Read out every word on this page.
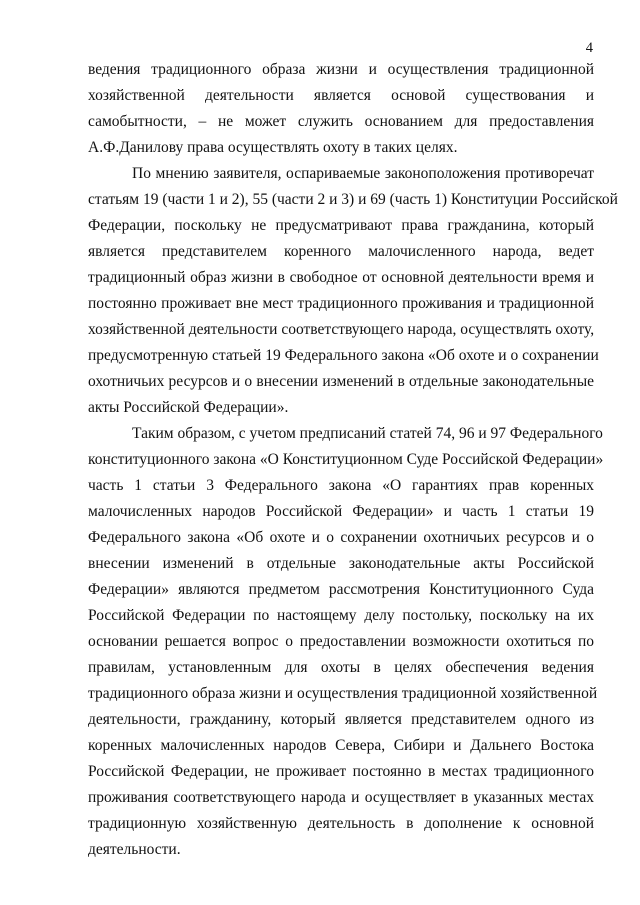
4
ведения традиционного образа жизни и осуществления традиционной
хозяйственной деятельности является основой существования и
самобытности, – не может служить основанием для предоставления
А.Ф.Данилову права осуществлять охоту в таких целях.
По мнению заявителя, оспариваемые законоположения противоречат
статьям 19 (части 1 и 2), 55 (части 2 и 3) и 69 (часть 1) Конституции Российской
Федерации, поскольку не предусматривают права гражданина, который
является представителем коренного малочисленного народа, ведет
традиционный образ жизни в свободное от основной деятельности время и
постоянно проживает вне мест традиционного проживания и традиционной
хозяйственной деятельности соответствующего народа, осуществлять охоту,
предусмотренную статьей 19 Федерального закона «Об охоте и о сохранении
охотничьих ресурсов и о внесении изменений в отдельные законодательные
акты Российской Федерации».
Таким образом, с учетом предписаний статей 74, 96 и 97 Федерального
конституционного закона «О Конституционном Суде Российской Федерации»
часть 1 статьи 3 Федерального закона «О гарантиях прав коренных
малочисленных народов Российской Федерации» и часть 1 статьи 19
Федерального закона «Об охоте и о сохранении охотничьих ресурсов и о
внесении изменений в отдельные законодательные акты Российской
Федерации» являются предметом рассмотрения Конституционного Суда
Российской Федерации по настоящему делу постольку, поскольку на их
основании решается вопрос о предоставлении возможности охотиться по
правилам, установленным для охоты в целях обеспечения ведения
традиционного образа жизни и осуществления традиционной хозяйственной
деятельности, гражданину, который является представителем одного из
коренных малочисленных народов Севера, Сибири и Дальнего Востока
Российской Федерации, не проживает постоянно в местах традиционного
проживания соответствующего народа и осуществляет в указанных местах
традиционную хозяйственную деятельность в дополнение к основной
деятельности.
